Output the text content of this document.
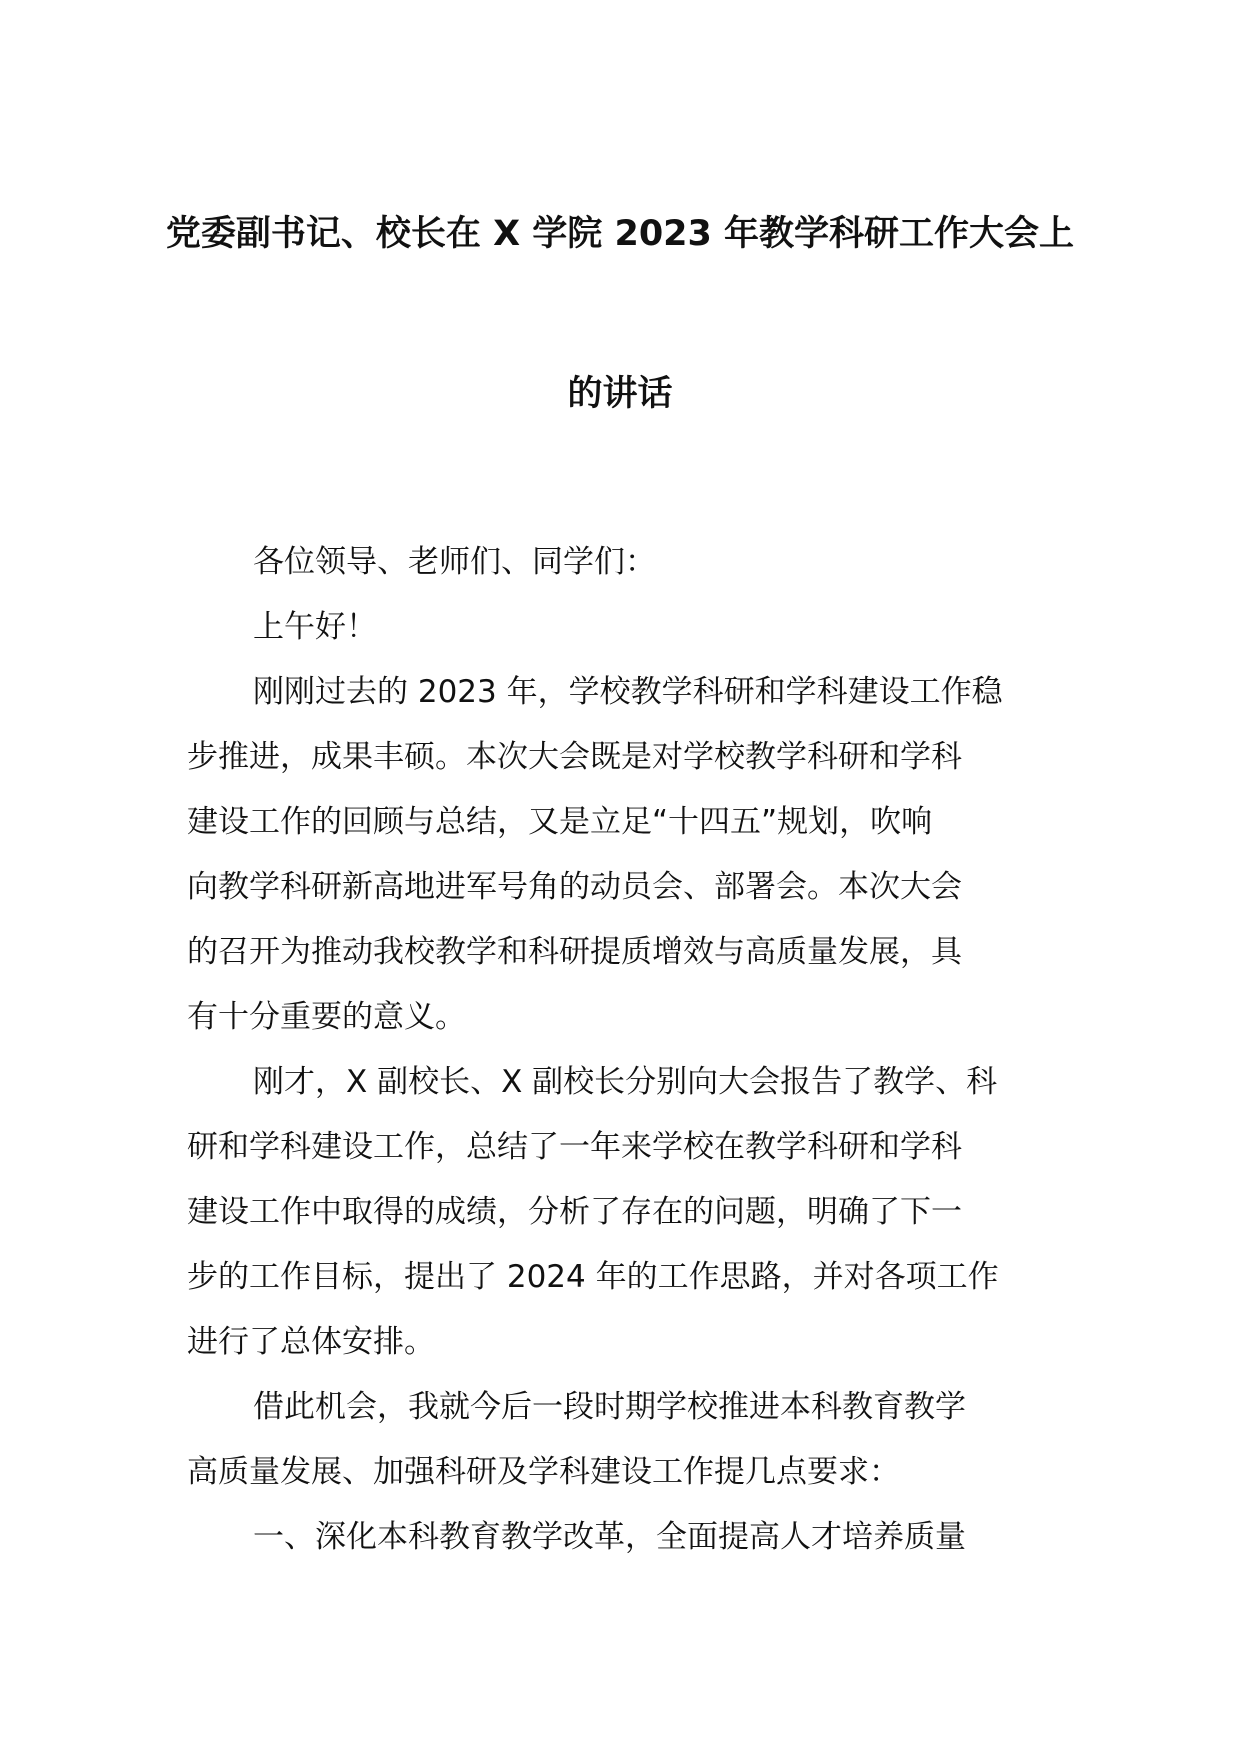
党委副书记、校长在 X 学院 2023 年教学科研工作大会上
的讲话
各位领导、老师们、同学们：
上午好！
刚刚过去的 2023 年，学校教学科研和学科建设工作稳
步推进，成果丰硕。本次大会既是对学校教学科研和学科
建设工作的回顾与总结，又是立足“十四五”规划，吹响
向教学科研新高地进军号角的动员会、部署会。本次大会
的召开为推动我校教学和科研提质增效与高质量发展，具
有十分重要的意义。
刚才，X 副校长、X 副校长分别向大会报告了教学、科
研和学科建设工作，总结了一年来学校在教学科研和学科
建设工作中取得的成绩，分析了存在的问题，明确了下一
步的工作目标，提出了 2024 年的工作思路，并对各项工作
进行了总体安排。
借此机会，我就今后一段时期学校推进本科教育教学
高质量发展、加强科研及学科建设工作提几点要求：
一、深化本科教育教学改革，全面提高人才培养质量
